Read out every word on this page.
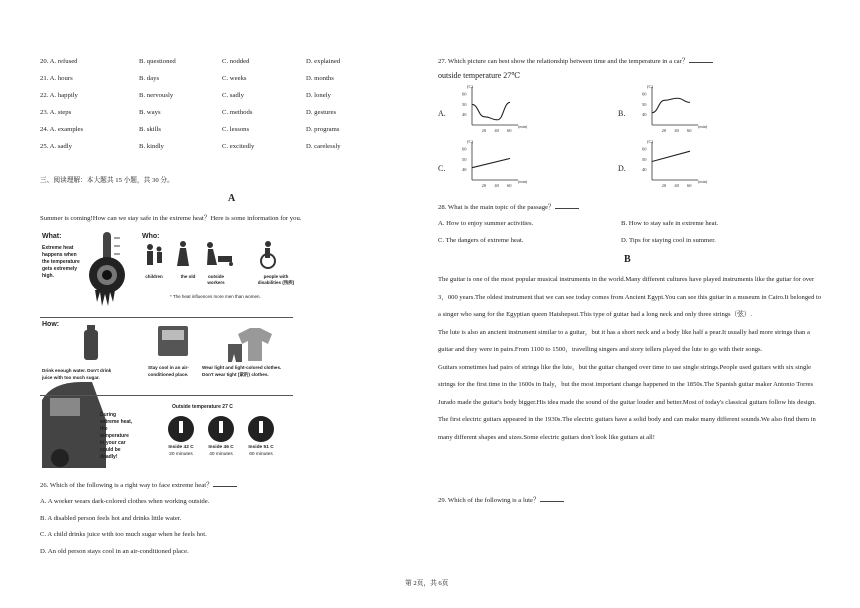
20. A. refused	B. questioned	C. nodded	D. explained
21. A. hours	B. days	C. weeks	D. months
22. A. happily	B. nervously	C. sadly	D. lonely
23. A. steps	B. ways	C. methods	D. gestures
24. A. examples	B. skills	C. lessons	D. programs
25. A. sadly	B. kindly	C. excitedly	D. carelessly
三、阅读理解：本大题共 15 小题，共 30 分。
A
Summer is coming!How can we stay safe in the extreme heat？Here is some information for you.
What:
Extreme heat happens when the temperature gets extremely high.
Who:
children	the old	outside workers
people with disabilities (残疾)
* The heat influences more men than women.
How:
Drink enough water. Don't drink juice with too much sugar.
Stay cool in an air-conditioned place.
Wear light and light-colored clothes. Don't wear tight (紧的) clothes.
During extreme heat, the temperature in your car could be deadly!
Outside temperature 27 C
Inside 42 C
20 minutes
Inside 46 C
40 minutes
Inside 51 C
60 minutes
26. Which of the following is a right way to face extreme heat？
A. A worker wears dark-colored clothes when working outside.
B. A disabled person feels hot and drinks little water.
C. A child drinks juice with too much sugar when he feels hot.
D. An old person stays cool in an air-conditioned place.
27. Which picture can best show the relationship between time and the temperature in a car？
outside temperature 27℃
A.
(C)
60
50
40
20 40 60
(min)
B.
(C)
60
50
40
20 40 60
(min)
C.
(C)
60
50
40
20 40 60
(min)
D.
(C)
60
50
40
20 40 60
(min)
28. What is the main topic of the passage？
A. How to enjoy summer activities.	B. How to stay safe in extreme heat.
C. The dangers of extreme heat.	D. Tips for staying cool in summer.
B

The guitar is one of the most popular musical instruments in the world.Many different cultures have played instruments like the guitar for over 3，000 years.The oldest instrument that we can see today comes from Ancient Egypt.You can see this guitar in a museum in Cairo.It belonged to a singer who sang for the Egyptian queen Hatshepsut.This type of guitar had a long neck and only three strings（弦）.

The lute is also an ancient instrument similar to a guitar，but it has a short neck and a body like half a pear.It usually had more strings than a guitar and they were in pairs.From 1100 to 1500，travelling singers and story tellers played the lute to go with their songs.

Guitars sometimes had pairs of strings like the lute，but the guitar changed over time to use single strings.People used guitars with six single strings for the first time in the 1600s in Italy，but the most important change happened in the 1850s.The Spanish guitar maker Antonio Torres Jurado made the guitar's body bigger.His idea made the sound of the guitar louder and better.Most of today's classical guitars follow his design.

The first electric guitars appeared in the 1930s.The electric guitars have a solid body and can make many different sounds.We also find them in many different shapes and sizes.Some electric guitars don't look like guitars at all!

29. Which of the following is a lute？
第 2页，共 6页
